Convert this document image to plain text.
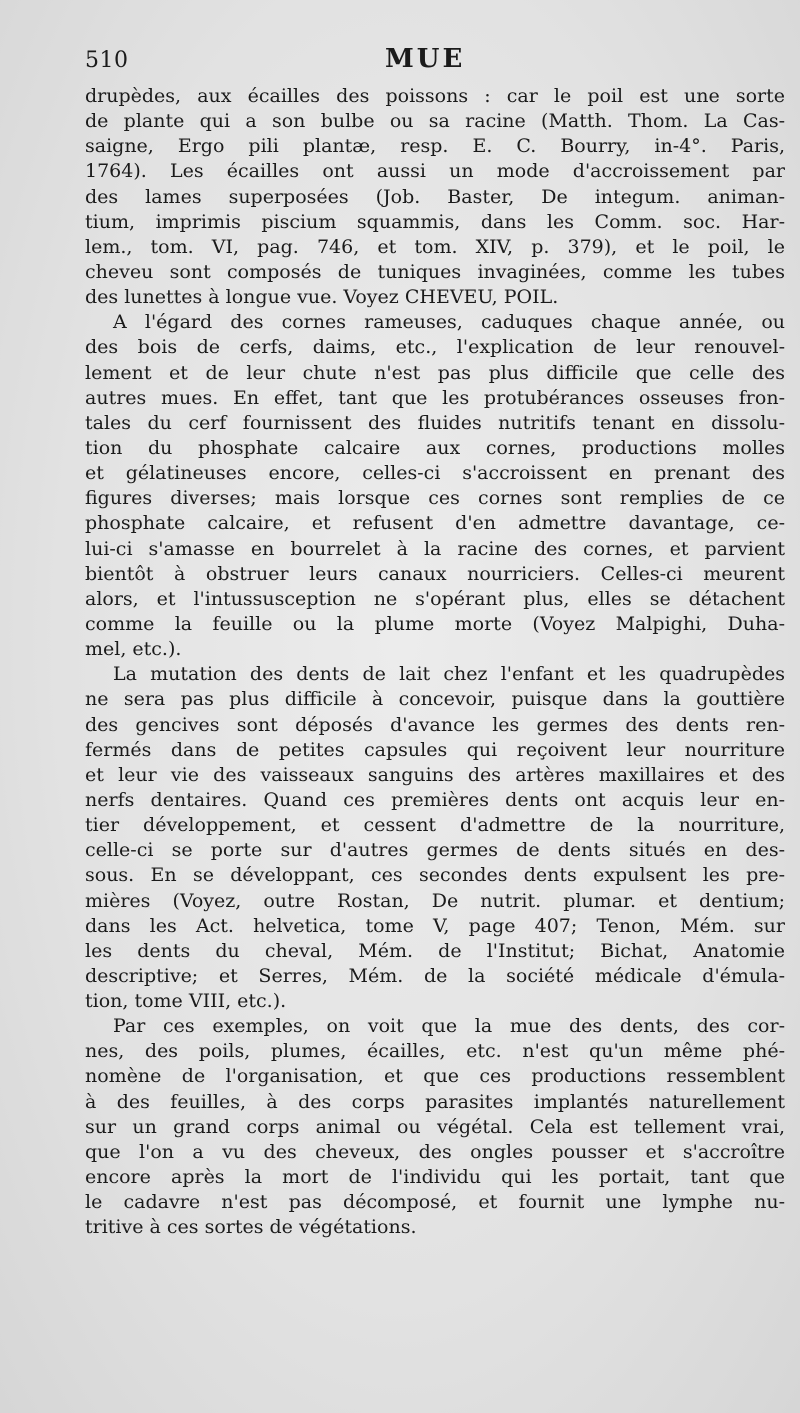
510	MUE
drupèdes, aux écailles des poissons : car le poil est une sorte
de plante qui a son bulbe ou sa racine (Matth. Thom. La Cas-
saigne, Ergo pili plantæ, resp. E. C. Bourry, in-4°. Paris,
1764). Les écailles ont aussi un mode d'accroissement par
des lames superposées (Job. Baster, De integum. animan-
tium, imprimis piscium squammis, dans les Comm. soc. Har-
lem., tom. VI, pag. 746, et tom. XIV, p. 379), et le poil, le
cheveu sont composés de tuniques invaginées, comme les tubes
des lunettes à longue vue. Voyez CHEVEU, POIL.
A l'égard des cornes rameuses, caduques chaque année, ou
des bois de cerfs, daims, etc., l'explication de leur renouvel-
lement et de leur chute n'est pas plus difficile que celle des
autres mues. En effet, tant que les protubérances osseuses fron-
tales du cerf fournissent des fluides nutritifs tenant en dissolu-
tion du phosphate calcaire aux cornes, productions molles
et gélatineuses encore, celles-ci s'accroissent en prenant des
figures diverses; mais lorsque ces cornes sont remplies de ce
phosphate calcaire, et refusent d'en admettre davantage, ce-
lui-ci s'amasse en bourrelet à la racine des cornes, et parvient
bientôt à obstruer leurs canaux nourriciers. Celles-ci meurent
alors, et l'intussusception ne s'opérant plus, elles se détachent
comme la feuille ou la plume morte (Voyez Malpighi, Duha-
mel, etc.).
La mutation des dents de lait chez l'enfant et les quadrupèdes
ne sera pas plus difficile à concevoir, puisque dans la gouttière
des gencives sont déposés d'avance les germes des dents ren-
fermés dans de petites capsules qui reçoivent leur nourriture
et leur vie des vaisseaux sanguins des artères maxillaires et des
nerfs dentaires. Quand ces premières dents ont acquis leur en-
tier développement, et cessent d'admettre de la nourriture,
celle-ci se porte sur d'autres germes de dents situés en des-
sous. En se développant, ces secondes dents expulsent les pre-
mières (Voyez, outre Rostan, De nutrit. plumar. et dentium;
dans les Act. helvetica, tome V, page 407; Tenon, Mém. sur
les dents du cheval, Mém. de l'Institut; Bichat, Anatomie
descriptive; et Serres, Mém. de la société médicale d'émula-
tion, tome VIII, etc.).
Par ces exemples, on voit que la mue des dents, des cor-
nes, des poils, plumes, écailles, etc. n'est qu'un même phé-
nomène de l'organisation, et que ces productions ressemblent
à des feuilles, à des corps parasites implantés naturellement
sur un grand corps animal ou végétal. Cela est tellement vrai,
que l'on a vu des cheveux, des ongles pousser et s'accroître
encore après la mort de l'individu qui les portait, tant que
le cadavre n'est pas décomposé, et fournit une lymphe nu-
tritive à ces sortes de végétations.
